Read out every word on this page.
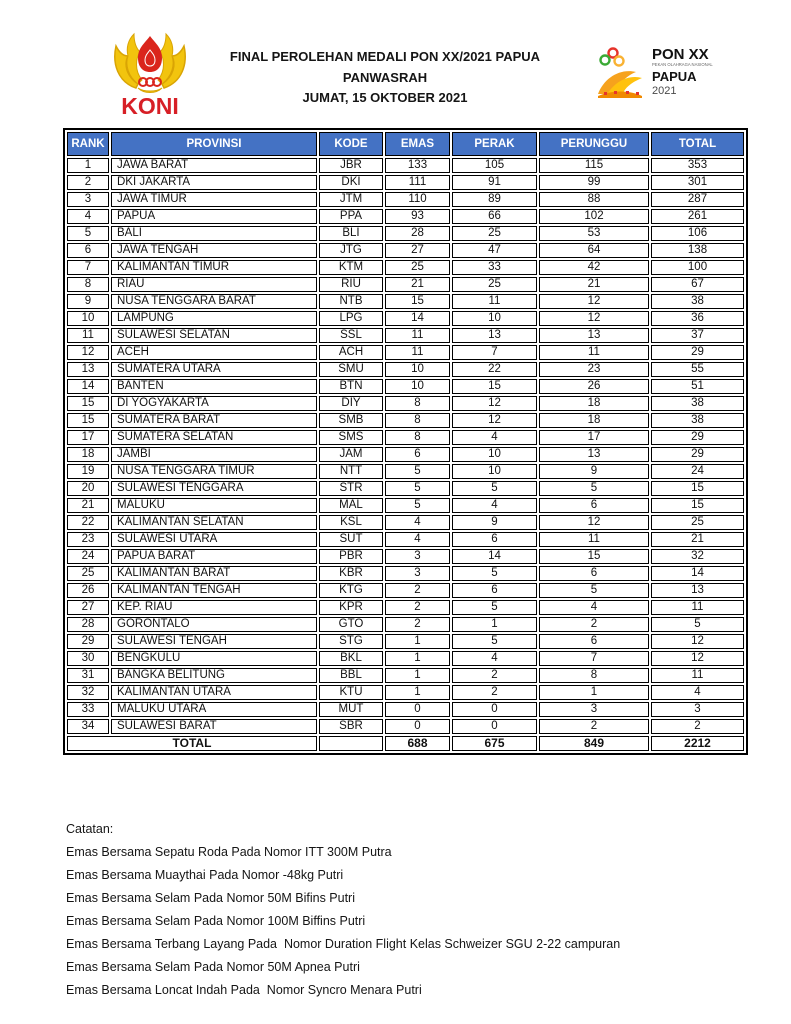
KONI
FINAL PEROLEHAN MEDALI PON XX/2021 PAPUA
PANWASRAH
JUMAT, 15 OKTOBER 2021
PON XX
PEKAN OLAHRAGA NASIONAL
PAPUA
2021
RANK	PROVINSI	KODE	EMAS	PERAK	PERUNGGU	TOTAL
1	JAWA BARAT	JBR	133	105	115	353
2	DKI JAKARTA	DKI	111	91	99	301
3	JAWA TIMUR	JTM	110	89	88	287
4	PAPUA	PPA	93	66	102	261
5	BALI	BLI	28	25	53	106
6	JAWA TENGAH	JTG	27	47	64	138
7	KALIMANTAN TIMUR	KTM	25	33	42	100
8	RIAU	RIU	21	25	21	67
9	NUSA TENGGARA BARAT	NTB	15	11	12	38
10	LAMPUNG	LPG	14	10	12	36
11	SULAWESI SELATAN	SSL	11	13	13	37
12	ACEH	ACH	11	7	11	29
13	SUMATERA UTARA	SMU	10	22	23	55
14	BANTEN	BTN	10	15	26	51
15	DI YOGYAKARTA	DIY	8	12	18	38
15	SUMATERA BARAT	SMB	8	12	18	38
17	SUMATERA SELATAN	SMS	8	4	17	29
18	JAMBI	JAM	6	10	13	29
19	NUSA TENGGARA TIMUR	NTT	5	10	9	24
20	SULAWESI TENGGARA	STR	5	5	5	15
21	MALUKU	MAL	5	4	6	15
22	KALIMANTAN SELATAN	KSL	4	9	12	25
23	SULAWESI UTARA	SUT	4	6	11	21
24	PAPUA BARAT	PBR	3	14	15	32
25	KALIMANTAN BARAT	KBR	3	5	6	14
26	KALIMANTAN TENGAH	KTG	2	6	5	13
27	KEP. RIAU	KPR	2	5	4	11
28	GORONTALO	GTO	2	1	2	5
29	SULAWESI TENGAH	STG	1	5	6	12
30	BENGKULU	BKL	1	4	7	12
31	BANGKA BELITUNG	BBL	1	2	8	11
32	KALIMANTAN UTARA	KTU	1	2	1	4
33	MALUKU UTARA	MUT	0	0	3	3
34	SULAWESI BARAT	SBR	0	0	2	2
TOTAL			688	675	849	2212
Catatan:
Emas Bersama Sepatu Roda Pada Nomor ITT 300M Putra
Emas Bersama Muaythai Pada Nomor -48kg Putri
Emas Bersama Selam Pada Nomor 50M Bifins Putri
Emas Bersama Selam Pada Nomor 100M Biffins Putri
Emas Bersama Terbang Layang Pada  Nomor Duration Flight Kelas Schweizer SGU 2-22 campuran
Emas Bersama Selam Pada Nomor 50M Apnea Putri
Emas Bersama Loncat Indah Pada  Nomor Syncro Menara Putri
